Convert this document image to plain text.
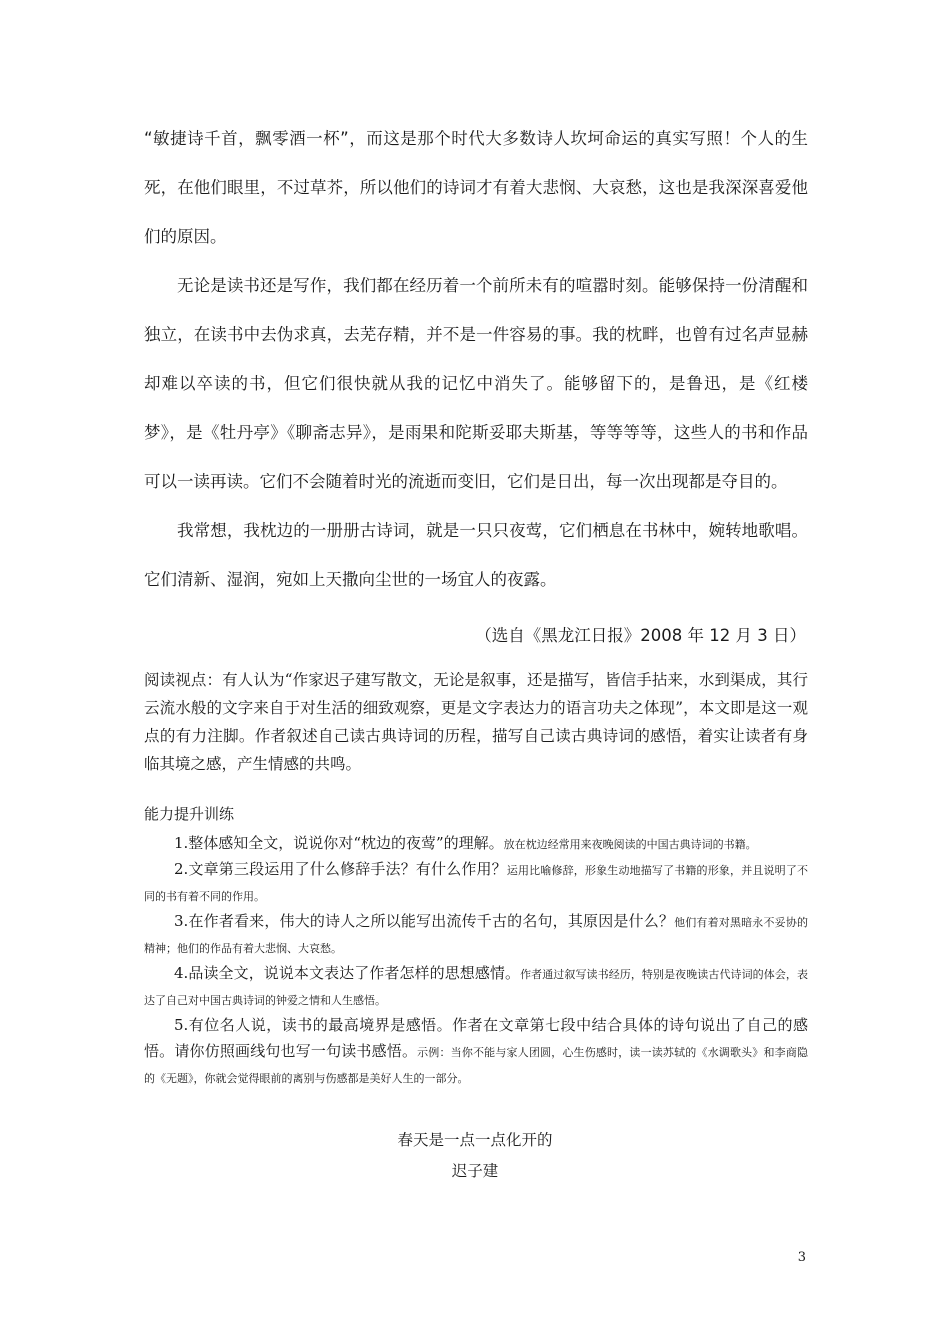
“敏捷诗千首，飘零酒一杯”，而这是那个时代大多数诗人坎坷命运的真实写照！个人的生死，在他们眼里，不过草芥，所以他们的诗词才有着大悲悯、大哀愁，这也是我深深喜爱他们的原因。

无论是读书还是写作，我们都在经历着一个前所未有的喧嚣时刻。能够保持一份清醒和独立，在读书中去伪求真，去芜存精，并不是一件容易的事。我的枕畔，也曾有过名声显赫却难以卒读的书，但它们很快就从我的记忆中消失了。能够留下的，是鲁迅，是《红楼梦》，是《牡丹亭》《聊斋志异》，是雨果和陀斯妥耶夫斯基，等等等等，这些人的书和作品可以一读再读。它们不会随着时光的流逝而变旧，它们是日出，每一次出现都是夺目的。

我常想，我枕边的一册册古诗词，就是一只只夜莺，它们栖息在书林中，婉转地歌唱。它们清新、湿润，宛如上天撒向尘世的一场宜人的夜露。

（选自《黑龙江日报》2008 年 12 月 3 日）

阅读视点：有人认为“作家迟子建写散文，无论是叙事，还是描写，皆信手拈来，水到渠成，其行云流水般的文字来自于对生活的细致观察，更是文字表达力的语言功夫之体现”，本文即是这一观点的有力注脚。作者叙述自己读古典诗词的历程，描写自己读古典诗词的感悟，着实让读者有身临其境之感，产生情感的共鸣。

能力提升训练

1.整体感知全文，说说你对“枕边的夜莺”的理解。放在枕边经常用来夜晚阅读的中国古典诗词的书籍。

2.文章第三段运用了什么修辞手法？有什么作用？运用比喻修辞，形象生动地描写了书籍的形象，并且说明了不同的书有着不同的作用。

3.在作者看来，伟大的诗人之所以能写出流传千古的名句，其原因是什么？他们有着对黑暗永不妥协的精神；他们的作品有着大悲悯、大哀愁。

4.品读全文，说说本文表达了作者怎样的思想感情。作者通过叙写读书经历，特别是夜晚读古代诗词的体会，表达了自己对中国古典诗词的钟爱之情和人生感悟。

5.有位名人说，读书的最高境界是感悟。作者在文章第七段中结合具体的诗句说出了自己的感悟。请你仿照画线句也写一句读书感悟。示例：当你不能与家人团圆，心生伤感时，读一读苏轼的《水调歌头》和李商隐的《无题》，你就会觉得眼前的离别与伤感都是美好人生的一部分。

春天是一点一点化开的
迟子建
3
